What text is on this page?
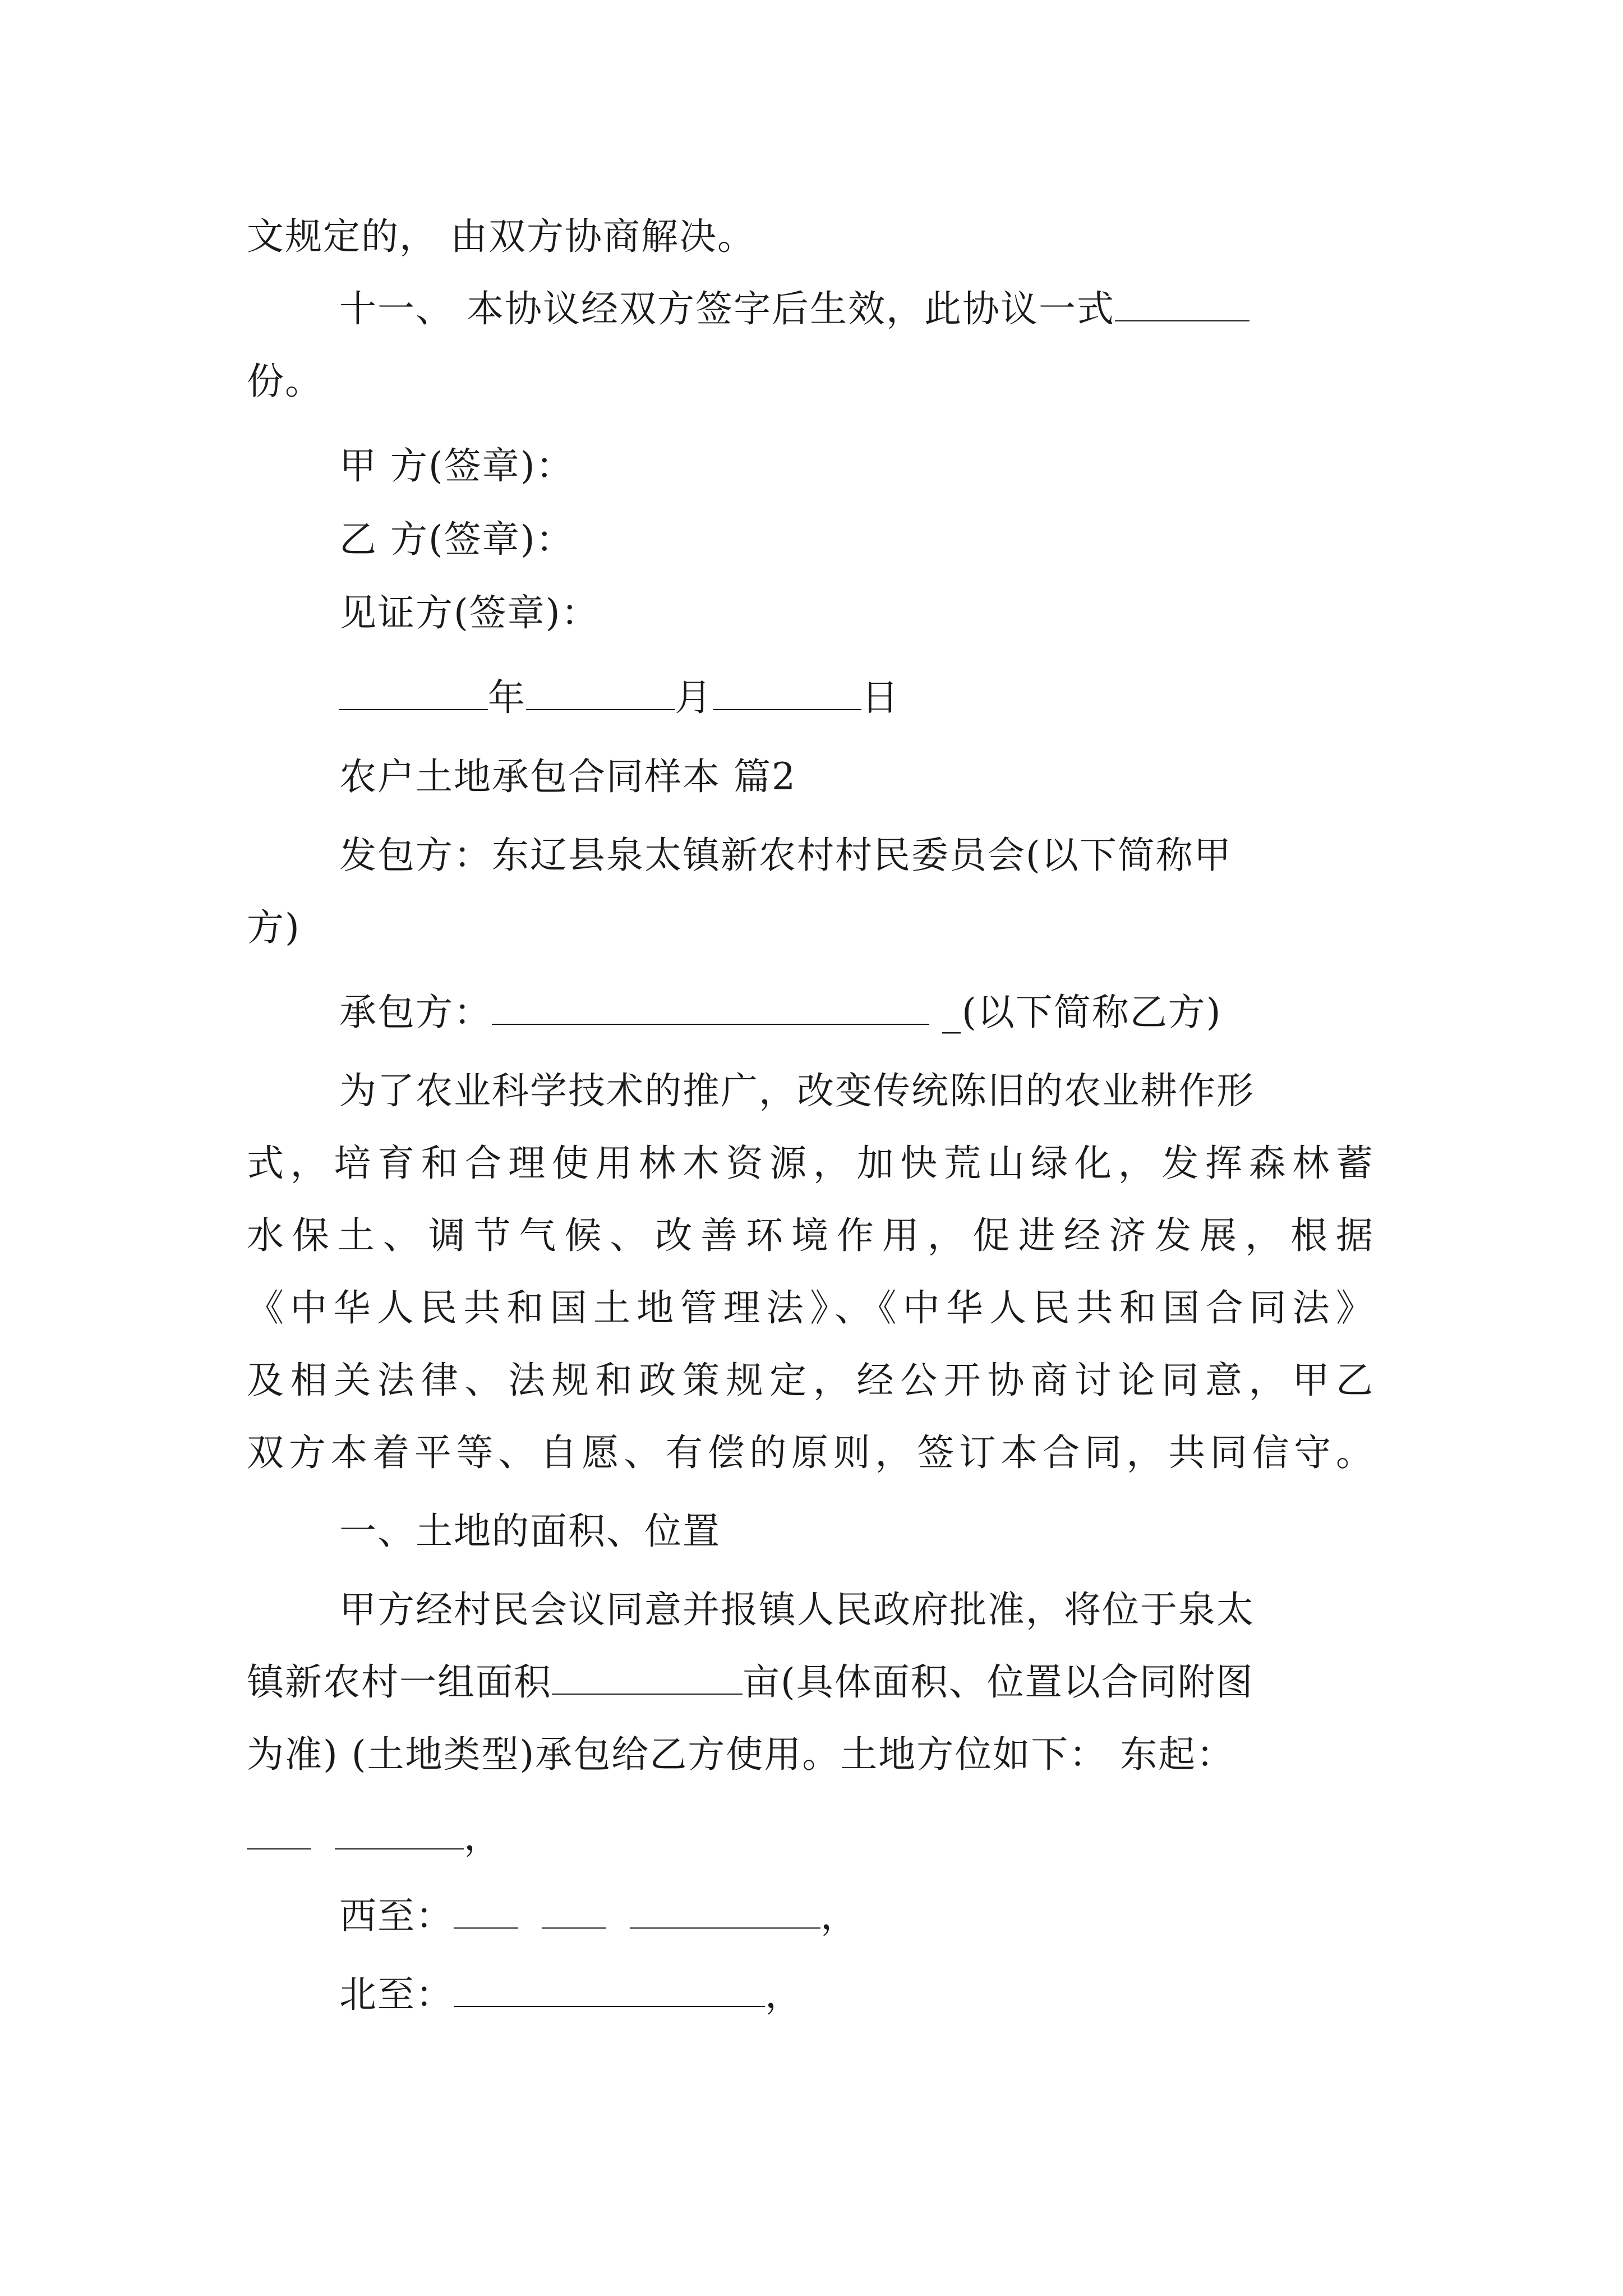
文规定的， 由双方协商解决。
十一、 本协议经双方签字后生效，此协议一式
份。
甲 方(签章)：
乙 方(签章)：
见证方(签章)：
年	月	日
农户土地承包合同样本 篇2
发包方：东辽县泉太镇新农村村民委员会(以下简称甲
方)
承包方：	_(以下简称乙方)
为了农业科学技术的推广，改变传统陈旧的农业耕作形
式，培育和合理使用林木资源，加快荒山绿化，发挥森林蓄
水保土、调节气候、改善环境作用，促进经济发展，根据
《中华人民共和国土地管理法》、《中华人民共和国合同法》
及相关法律、法规和政策规定，经公开协商讨论同意，甲乙
双方本着平等、自愿、有偿的原则，签订本合同，共同信守。
一、土地的面积、位置
甲方经村民会议同意并报镇人民政府批准，将位于泉太
镇新农村一组面积	亩(具体面积、位置以合同附图
为准) (土地类型)承包给乙方使用。土地方位如下： 东起：
，
西至：	，
北至：	，
